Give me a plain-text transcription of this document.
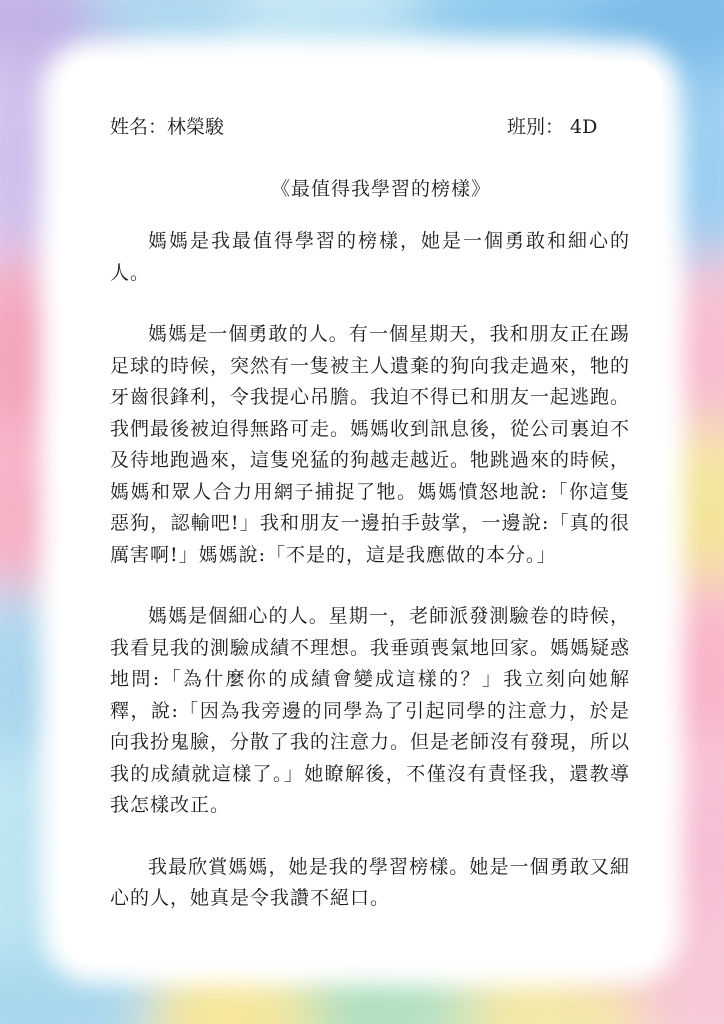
姓名：林榮駿	班別： 4D
《最值得我學習的榜樣》

媽媽是我最值得學習的榜樣，她是一個勇敢和細心的人。

媽媽是一個勇敢的人。有一個星期天，我和朋友正在踢足球的時候，突然有一隻被主人遺棄的狗向我走過來，牠的牙齒很鋒利，令我提心吊膽。我迫不得已和朋友一起逃跑。我們最後被迫得無路可走。媽媽收到訊息後，從公司裏迫不及待地跑過來，這隻兇猛的狗越走越近。牠跳過來的時候，媽媽和眾人合力用網子捕捉了牠。媽媽憤怒地說:「你這隻惡狗，認輸吧!」我和朋友一邊拍手鼓掌，一邊說:「真的很厲害啊!」媽媽說:「不是的，這是我應做的本分。」

媽媽是個細心的人。星期一，老師派發測驗卷的時候，我看見我的測驗成績不理想。我垂頭喪氣地回家。媽媽疑惑地問:「為什麼你的成績會變成這樣的？」我立刻向她解釋，說:「因為我旁邊的同學為了引起同學的注意力，於是向我扮鬼臉，分散了我的注意力。但是老師沒有發現，所以我的成績就這樣了。」她瞭解後，不僅沒有責怪我，還教導我怎樣改正。

我最欣賞媽媽，她是我的學習榜樣。她是一個勇敢又細心的人，她真是令我讚不絕口。
